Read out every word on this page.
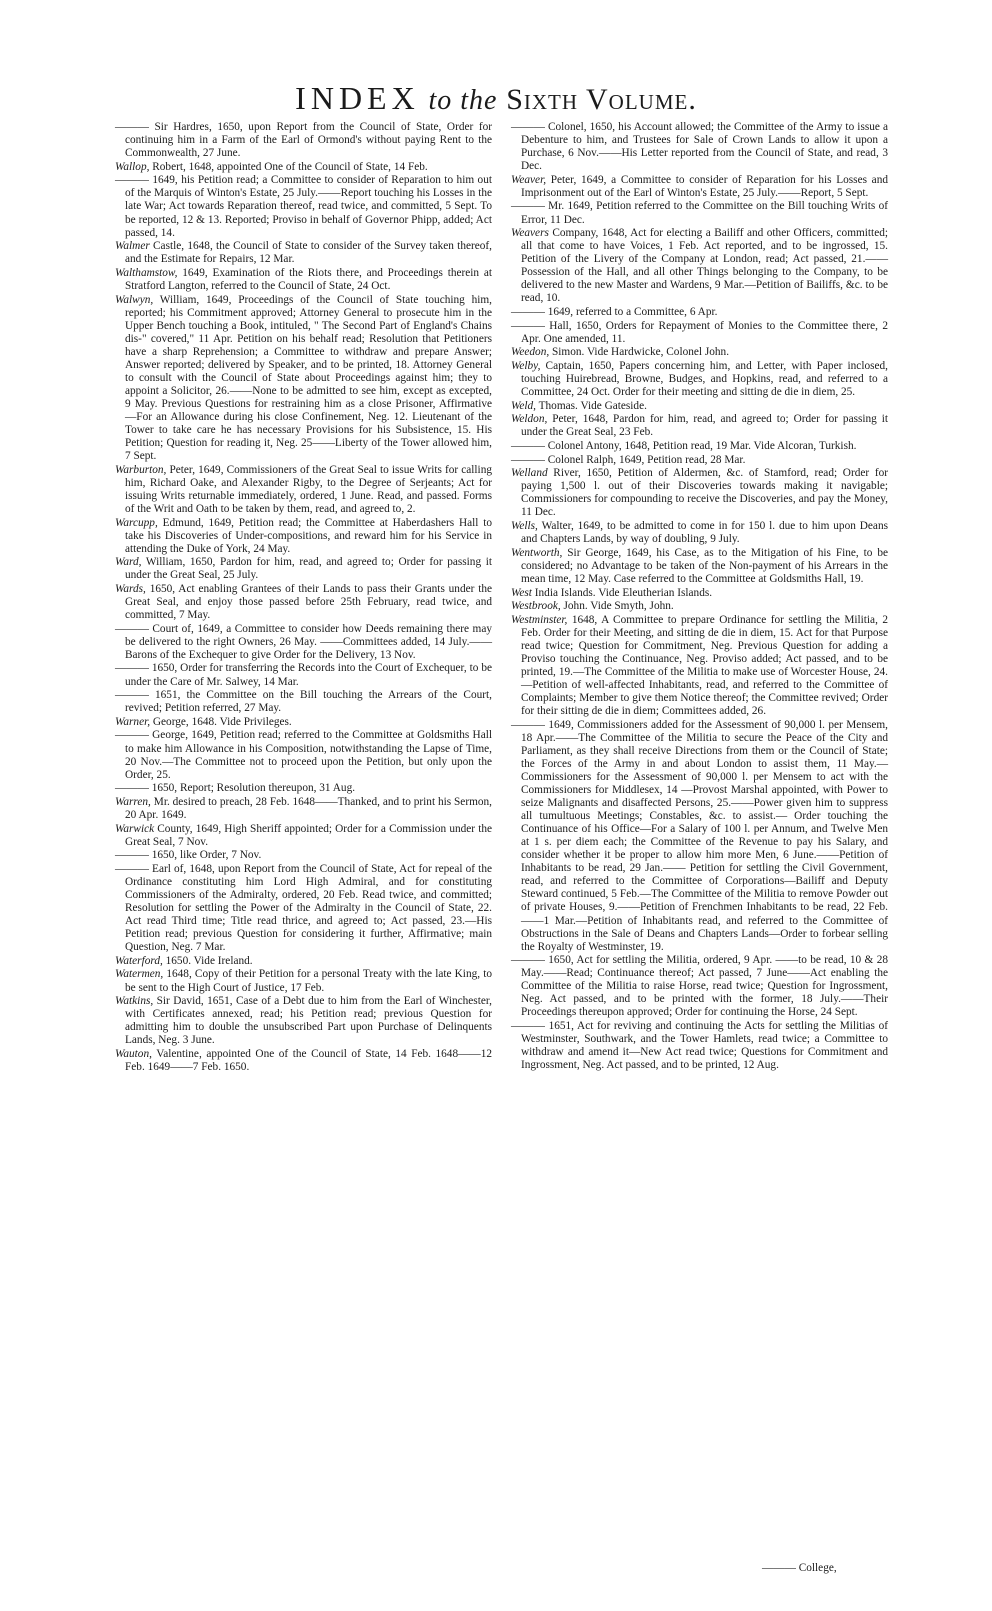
INDEX to the Sixth Volume.

——— Sir Hardres, 1650, upon Report from the Council of State, Order for continuing him in a Farm of the Earl of Ormond's without paying Rent to the Commonwealth, 27 June.

Wallop, Robert, 1648, appointed One of the Council of State, 14 Feb.

——— 1649, his Petition read; a Committee to consider of Reparation to him out of the Marquis of Winton's Estate, 25 July.——Report touching his Losses in the late War; Act towards Reparation thereof, read twice, and committed, 5 Sept. To be reported, 12 & 13. Reported; Proviso in behalf of Governor Phipp, added; Act passed, 14.

Walmer Castle, 1648, the Council of State to consider of the Survey taken thereof, and the Estimate for Repairs, 12 Mar.

Walthamstow, 1649, Examination of the Riots there, and Proceedings therein at Stratford Langton, referred to the Council of State, 24 Oct.

Walwyn, William, 1649, Proceedings of the Council of State touching him, reported; his Commitment approved; Attorney General to prosecute him in the Upper Bench touching a Book, intituled, " The Second Part of England's Chains dis-" covered," 11 Apr. Petition on his behalf read; Resolution that Petitioners have a sharp Reprehension; a Committee to withdraw and prepare Answer; Answer reported; delivered by Speaker, and to be printed, 18. Attorney General to consult with the Council of State about Proceedings against him; they to appoint a Solicitor, 26.——None to be admitted to see him, except as excepted, 9 May. Previous Questions for restraining him as a close Prisoner, Affirmative —For an Allowance during his close Confinement, Neg. 12. Lieutenant of the Tower to take care he has necessary Provisions for his Subsistence, 15. His Petition; Question for reading it, Neg. 25——Liberty of the Tower allowed him, 7 Sept.

Warburton, Peter, 1649, Commissioners of the Great Seal to issue Writs for calling him, Richard Oake, and Alexander Rigby, to the Degree of Serjeants; Act for issuing Writs returnable immediately, ordered, 1 June. Read, and passed. Forms of the Writ and Oath to be taken by them, read, and agreed to, 2.

Warcupp, Edmund, 1649, Petition read; the Committee at Haberdashers Hall to take his Discoveries of Under-compositions, and reward him for his Service in attending the Duke of York, 24 May.

Ward, William, 1650, Pardon for him, read, and agreed to; Order for passing it under the Great Seal, 25 July.

Wards, 1650, Act enabling Grantees of their Lands to pass their Grants under the Great Seal, and enjoy those passed before 25th February, read twice, and committed, 7 May.

——— Court of, 1649, a Committee to consider how Deeds remaining there may be delivered to the right Owners, 26 May. ——Committees added, 14 July.——Barons of the Exchequer to give Order for the Delivery, 13 Nov.

——— 1650, Order for transferring the Records into the Court of Exchequer, to be under the Care of Mr. Salwey, 14 Mar.

——— 1651, the Committee on the Bill touching the Arrears of the Court, revived; Petition referred, 27 May.

Warner, George, 1648. Vide Privileges.

——— George, 1649, Petition read; referred to the Committee at Goldsmiths Hall to make him Allowance in his Composition, notwithstanding the Lapse of Time, 20 Nov.—The Committee not to proceed upon the Petition, but only upon the Order, 25.

——— 1650, Report; Resolution thereupon, 31 Aug.

Warren, Mr. desired to preach, 28 Feb. 1648——Thanked, and to print his Sermon, 20 Apr. 1649.

Warwick County, 1649, High Sheriff appointed; Order for a Commission under the Great Seal, 7 Nov.

——— 1650, like Order, 7 Nov.

——— Earl of, 1648, upon Report from the Council of State, Act for repeal of the Ordinance constituting him Lord High Admiral, and for constituting Commissioners of the Admiralty, ordered, 20 Feb. Read twice, and committed; Resolution for settling the Power of the Admiralty in the Council of State, 22. Act read Third time; Title read thrice, and agreed to; Act passed, 23.—His Petition read; previous Question for considering it further, Affirmative; main Question, Neg. 7 Mar.

Waterford, 1650. Vide Ireland.

Watermen, 1648, Copy of their Petition for a personal Treaty with the late King, to be sent to the High Court of Justice, 17 Feb.

Watkins, Sir David, 1651, Case of a Debt due to him from the Earl of Winchester, with Certificates annexed, read; his Petition read; previous Question for admitting him to double the unsubscribed Part upon Purchase of Delinquents Lands, Neg. 3 June.

Wauton, Valentine, appointed One of the Council of State, 14 Feb. 1648——12 Feb. 1649——7 Feb. 1650.

——— Colonel, 1650, his Account allowed; the Committee of the Army to issue a Debenture to him, and Trustees for Sale of Crown Lands to allow it upon a Purchase, 6 Nov.——His Letter reported from the Council of State, and read, 3 Dec.

Weaver, Peter, 1649, a Committee to consider of Reparation for his Losses and Imprisonment out of the Earl of Winton's Estate, 25 July.——Report, 5 Sept.

——— Mr. 1649, Petition referred to the Committee on the Bill touching Writs of Error, 11 Dec.

Weavers Company, 1648, Act for electing a Bailiff and other Officers, committed; all that come to have Voices, 1 Feb. Act reported, and to be ingrossed, 15. Petition of the Livery of the Company at London, read; Act passed, 21.——Possession of the Hall, and all other Things belonging to the Company, to be delivered to the new Master and Wardens, 9 Mar.—Petition of Bailiffs, &c. to be read, 10.

——— 1649, referred to a Committee, 6 Apr.

——— Hall, 1650, Orders for Repayment of Monies to the Committee there, 2 Apr. One amended, 11.

Weedon, Simon. Vide Hardwicke, Colonel John.

Welby, Captain, 1650, Papers concerning him, and Letter, with Paper inclosed, touching Huirebread, Browne, Budges, and Hopkins, read, and referred to a Committee, 24 Oct. Order for their meeting and sitting de die in diem, 25.

Weld, Thomas. Vide Gateside.

Weldon, Peter, 1648, Pardon for him, read, and agreed to; Order for passing it under the Great Seal, 23 Feb.

——— Colonel Antony, 1648, Petition read, 19 Mar. Vide Alcoran, Turkish.

——— Colonel Ralph, 1649, Petition read, 28 Mar.

Welland River, 1650, Petition of Aldermen, &c. of Stamford, read; Order for paying 1,500 l. out of their Discoveries towards making it navigable; Commissioners for compounding to receive the Discoveries, and pay the Money, 11 Dec.

Wells, Walter, 1649, to be admitted to come in for 150 l. due to him upon Deans and Chapters Lands, by way of doubling, 9 July.

Wentworth, Sir George, 1649, his Case, as to the Mitigation of his Fine, to be considered; no Advantage to be taken of the Non-payment of his Arrears in the mean time, 12 May. Case referred to the Committee at Goldsmiths Hall, 19.

West India Islands. Vide Eleutherian Islands.

Westbrook, John. Vide Smyth, John.

Westminster, 1648, A Committee to prepare Ordinance for settling the Militia, 2 Feb. Order for their Meeting, and sitting de die in diem, 15. Act for that Purpose read twice; Question for Commitment, Neg. Previous Question for adding a Proviso touching the Continuance, Neg. Proviso added; Act passed, and to be printed, 19.—The Committee of the Militia to make use of Worcester House, 24.—Petition of well-affected Inhabitants, read, and referred to the Committee of Complaints; Member to give them Notice thereof; the Committee revived; Order for their sitting de die in diem; Committees added, 26.

——— 1649, Commissioners added for the Assessment of 90,000 l. per Mensem, 18 Apr.——The Committee of the Militia to secure the Peace of the City and Parliament, as they shall receive Directions from them or the Council of State; the Forces of the Army in and about London to assist them, 11 May.—Commissioners for the Assessment of 90,000 l. per Mensem to act with the Commissioners for Middlesex, 14 —Provost Marshal appointed, with Power to seize Malignants and disaffected Persons, 25.——Power given him to suppress all tumultuous Meetings; Constables, &c. to assist.— Order touching the Continuance of his Office—For a Salary of 100 l. per Annum, and Twelve Men at 1 s. per diem each; the Committee of the Revenue to pay his Salary, and consider whether it be proper to allow him more Men, 6 June.——Petition of Inhabitants to be read, 29 Jan.—— Petition for settling the Civil Government, read, and referred to the Committee of Corporations—Bailiff and Deputy Steward continued, 5 Feb.—The Committee of the Militia to remove Powder out of private Houses, 9.——Petition of Frenchmen Inhabitants to be read, 22 Feb.——1 Mar.—Petition of Inhabitants read, and referred to the Committee of Obstructions in the Sale of Deans and Chapters Lands—Order to forbear selling the Royalty of Westminster, 19.

——— 1650, Act for settling the Militia, ordered, 9 Apr. ——to be read, 10 & 28 May.——Read; Continuance thereof; Act passed, 7 June——Act enabling the Committee of the Militia to raise Horse, read twice; Question for Ingrossment, Neg. Act passed, and to be printed with the former, 18 July.——Their Proceedings thereupon approved; Order for continuing the Horse, 24 Sept.

——— 1651, Act for reviving and continuing the Acts for settling the Militias of Westminster, Southwark, and the Tower Hamlets, read twice; a Committee to withdraw and amend it—New Act read twice; Questions for Commitment and Ingrossment, Neg. Act passed, and to be printed, 12 Aug.

——— College,
